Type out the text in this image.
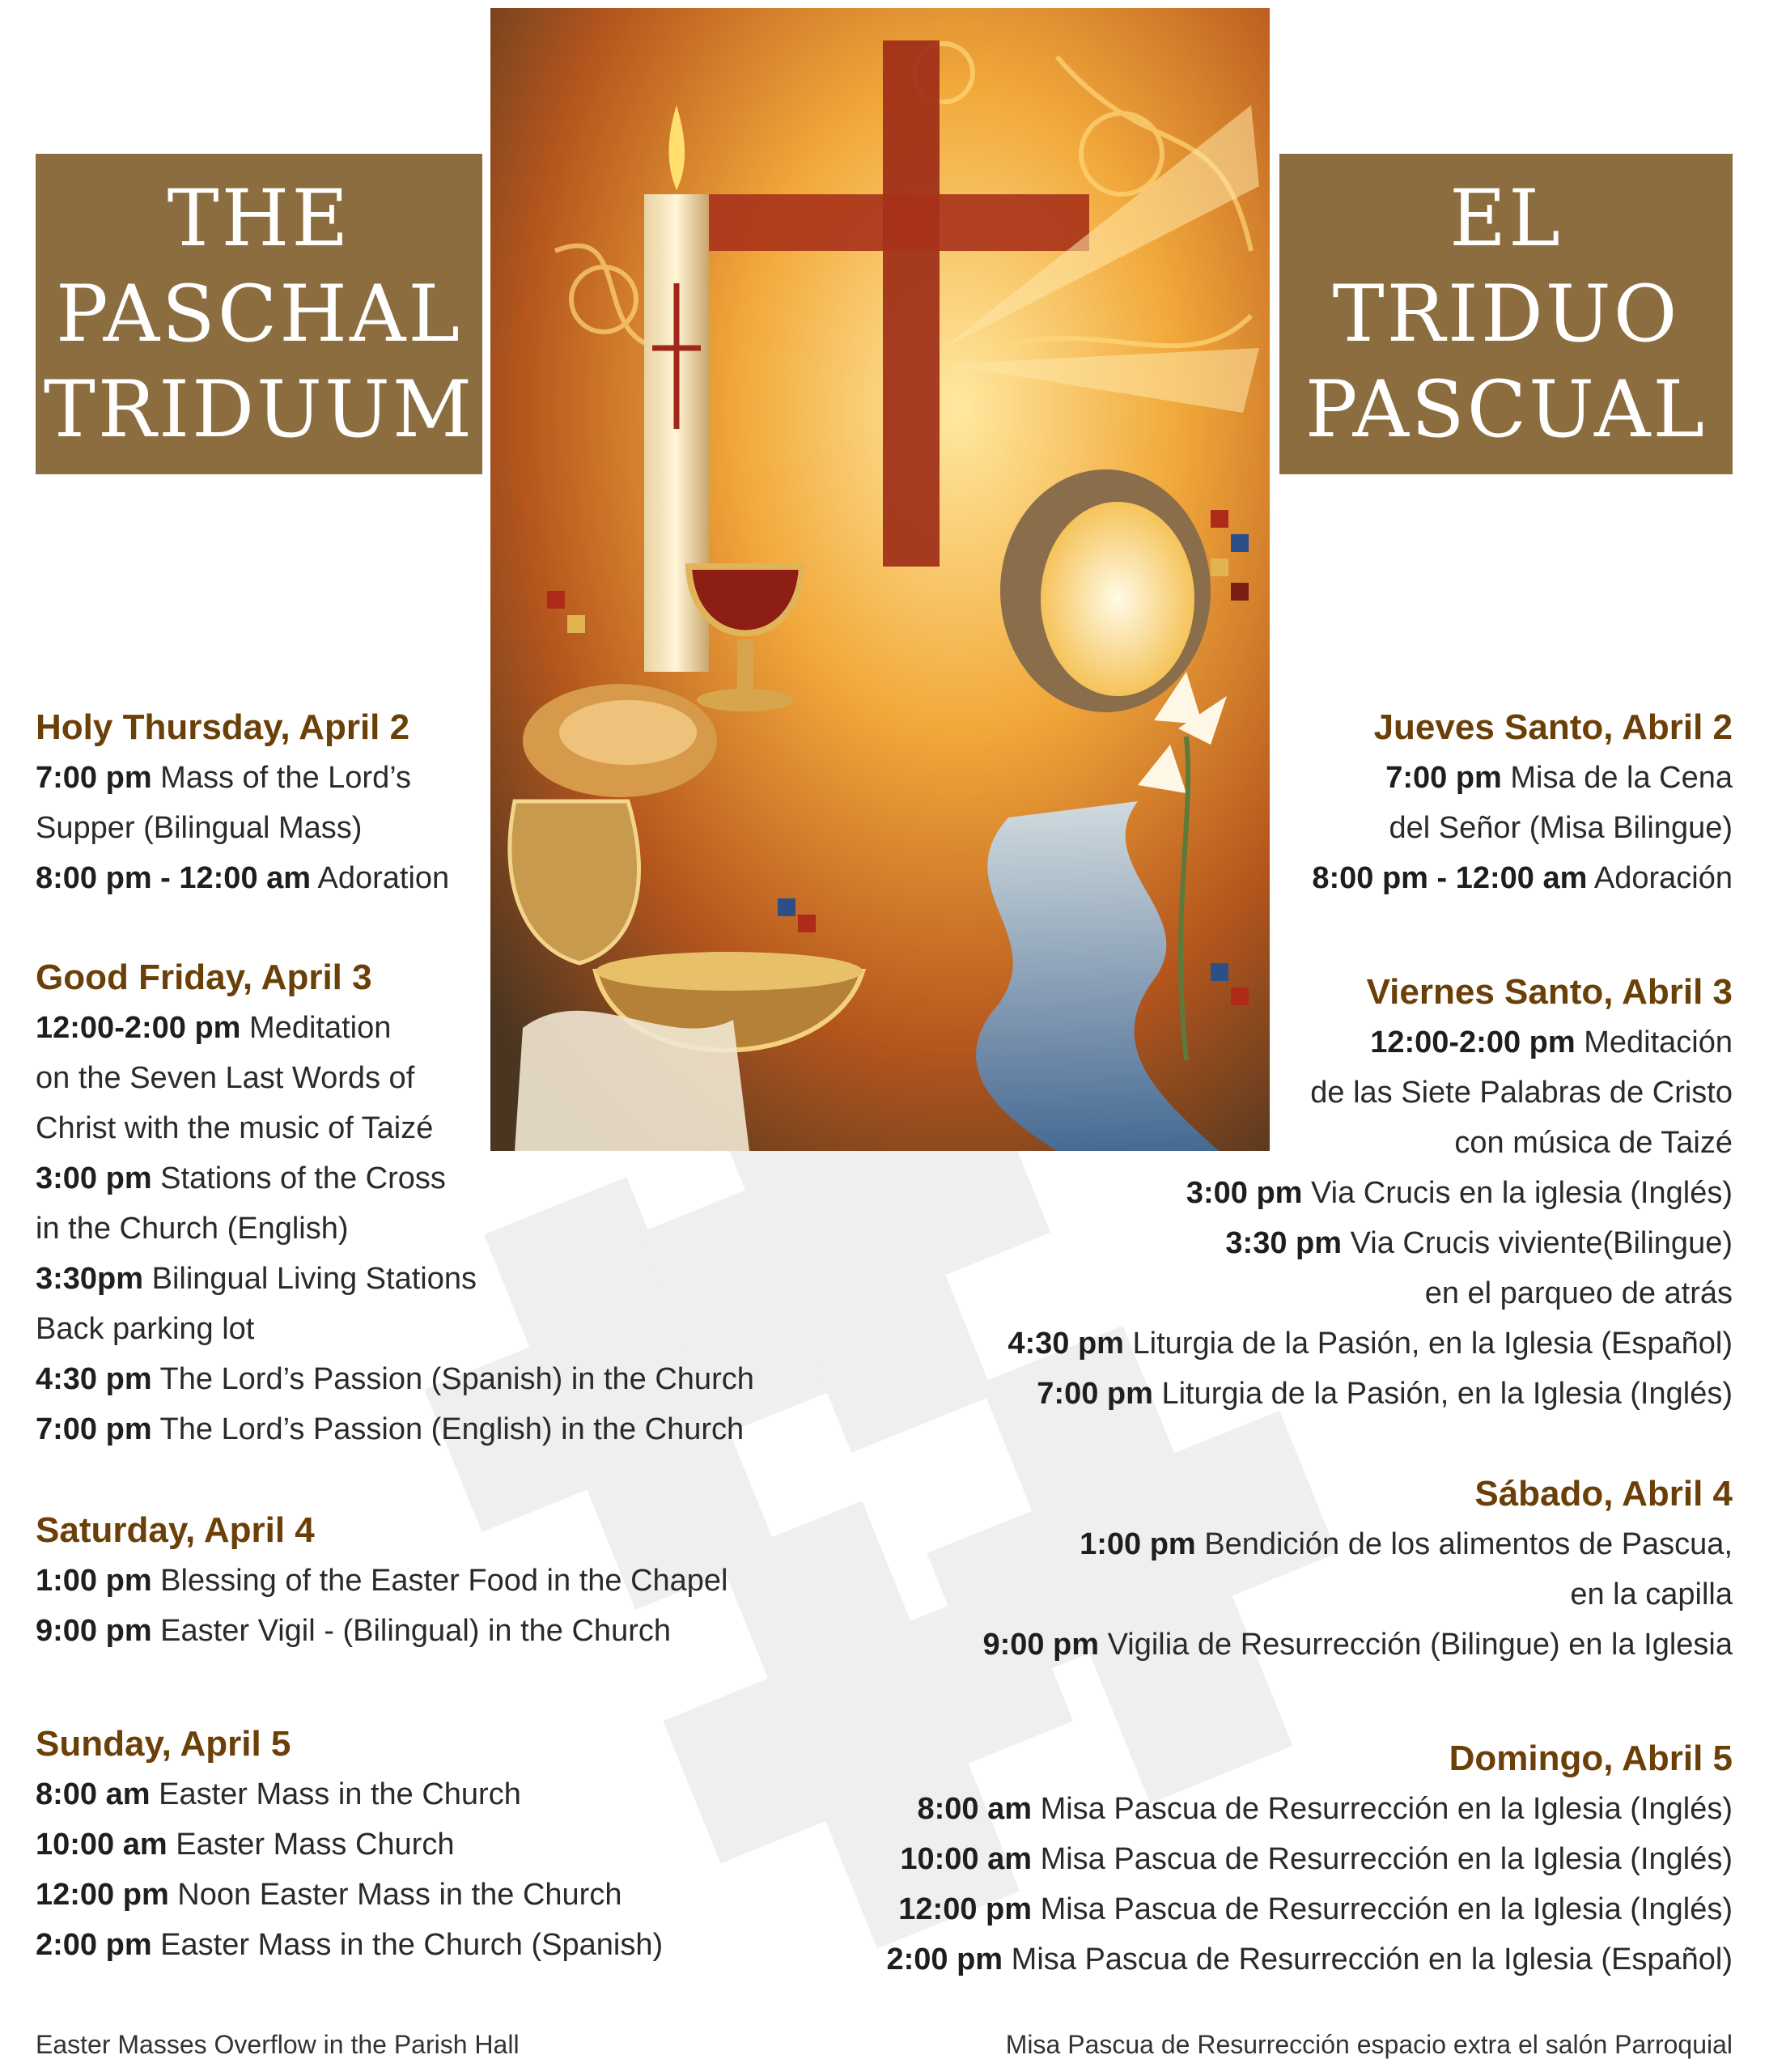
THE
PASCHAL
TRIDUUM
EL
TRIDUO
PASCUAL
Holy Thursday, April 2
7:00 pm Mass of the Lord’s
Supper (Bilingual Mass)
8:00 pm - 12:00 am Adoration
Good Friday, April 3
12:00-2:00 pm Meditation
on the Seven Last Words of
Christ with the music of Taizé
3:00 pm Stations of the Cross
in the Church (English)
3:30pm Bilingual Living Stations
Back parking lot
4:30 pm The Lord’s Passion (Spanish) in the Church
7:00 pm The Lord’s Passion (English) in the Church
Saturday, April 4
1:00 pm Blessing of the Easter Food in the Chapel
9:00 pm Easter Vigil - (Bilingual) in the Church
Sunday, April 5
8:00 am Easter Mass in the Church
10:00 am Easter Mass Church
12:00 pm Noon Easter Mass in the Church
2:00 pm Easter Mass in the Church (Spanish)
Easter Masses Overflow in the Parish Hall
Jueves Santo, Abril 2
7:00 pm Misa de la Cena
del Señor (Misa Bilingue)
8:00 pm - 12:00 am Adoración
Viernes Santo, Abril 3
12:00-2:00 pm Meditación
de las Siete Palabras de Cristo
con música de Taizé
3:00 pm Via Crucis en la iglesia (Inglés)
3:30 pm Via Crucis viviente(Bilingue)
en el parqueo de atrás
4:30 pm Liturgia de la Pasión, en la Iglesia (Español)
7:00 pm Liturgia de la Pasión, en la Iglesia (Inglés)
Sábado, Abril 4
1:00 pm Bendición de los alimentos de Pascua,
en la capilla
9:00 pm Vigilia de Resurrección (Bilingue) en la Iglesia
Domingo, Abril 5
8:00 am Misa Pascua de Resurrección en la Iglesia (Inglés)
10:00 am Misa Pascua de Resurrección en la Iglesia (Inglés)
12:00 pm Misa Pascua de Resurrección en la Iglesia (Inglés)
2:00 pm Misa Pascua de Resurrección en la Iglesia (Español)
Misa Pascua de Resurrección espacio extra el salón Parroquial
